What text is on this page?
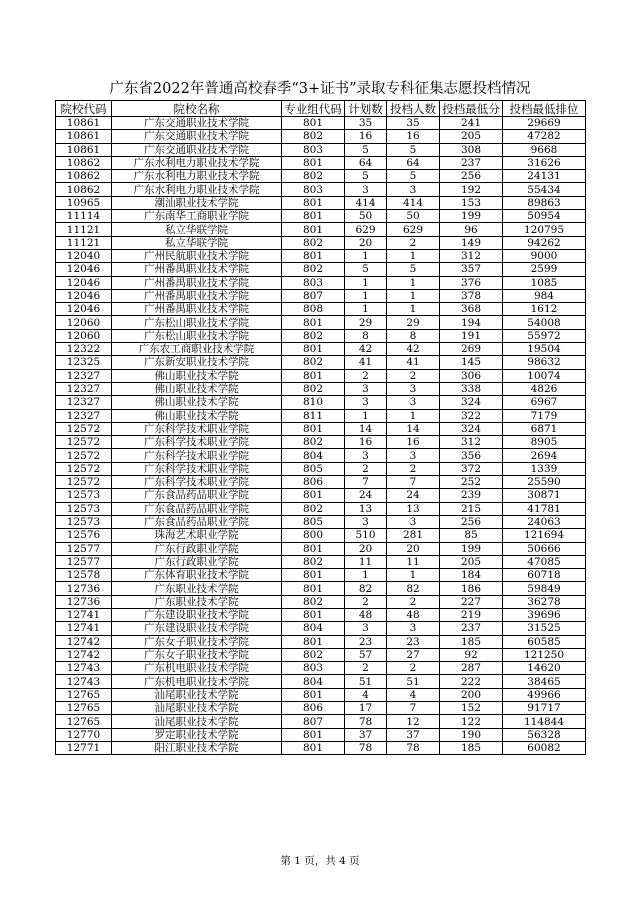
广东省2022年普通高校春季“3+证书”录取专科征集志愿投档情况
院校代码	院校名称	专业组代码	计划数	投档人数	投档最低分	投档最低排位
10861	广东交通职业技术学院	801	35	35	241	29669
10861	广东交通职业技术学院	802	16	16	205	47282
10861	广东交通职业技术学院	803	5	5	308	9668
10862	广东水利电力职业技术学院	801	64	64	237	31626
10862	广东水利电力职业技术学院	802	5	5	256	24131
10862	广东水利电力职业技术学院	803	3	3	192	55434
10965	潮汕职业技术学院	801	414	414	153	89863
11114	广东南华工商职业学院	801	50	50	199	50954
11121	私立华联学院	801	629	629	96	120795
11121	私立华联学院	802	20	2	149	94262
12040	广州民航职业技术学院	801	1	1	312	9000
12046	广州番禺职业技术学院	802	5	5	357	2599
12046	广州番禺职业技术学院	803	1	1	376	1085
12046	广州番禺职业技术学院	807	1	1	378	984
12046	广州番禺职业技术学院	808	1	1	368	1612
12060	广东松山职业技术学院	801	29	29	194	54008
12060	广东松山职业技术学院	802	8	8	191	55972
12322	广东农工商职业技术学院	801	42	42	269	19504
12325	广东新安职业技术学院	802	41	41	145	98632
12327	佛山职业技术学院	801	2	2	306	10074
12327	佛山职业技术学院	802	3	3	338	4826
12327	佛山职业技术学院	810	3	3	324	6967
12327	佛山职业技术学院	811	1	1	322	7179
12572	广东科学技术职业学院	801	14	14	324	6871
12572	广东科学技术职业学院	802	16	16	312	8905
12572	广东科学技术职业学院	804	3	3	356	2694
12572	广东科学技术职业学院	805	2	2	372	1339
12572	广东科学技术职业学院	806	7	7	252	25590
12573	广东食品药品职业学院	801	24	24	239	30871
12573	广东食品药品职业学院	802	13	13	215	41781
12573	广东食品药品职业学院	805	3	3	256	24063
12576	珠海艺术职业学院	800	510	281	85	121694
12577	广东行政职业学院	801	20	20	199	50666
12577	广东行政职业学院	802	11	11	205	47085
12578	广东体育职业技术学院	801	1	1	184	60718
12736	广东职业技术学院	801	82	82	186	59849
12736	广东职业技术学院	802	2	2	227	36278
12741	广东建设职业技术学院	801	48	48	219	39696
12741	广东建设职业技术学院	804	3	3	237	31525
12742	广东女子职业技术学院	801	23	23	185	60585
12742	广东女子职业技术学院	802	57	27	92	121250
12743	广东机电职业技术学院	803	2	2	287	14620
12743	广东机电职业技术学院	804	51	51	222	38465
12765	汕尾职业技术学院	801	4	4	200	49966
12765	汕尾职业技术学院	806	17	7	152	91717
12765	汕尾职业技术学院	807	78	12	122	114844
12770	罗定职业技术学院	801	37	37	190	56328
12771	阳江职业技术学院	801	78	78	185	60082
第 1 页，共 4 页
